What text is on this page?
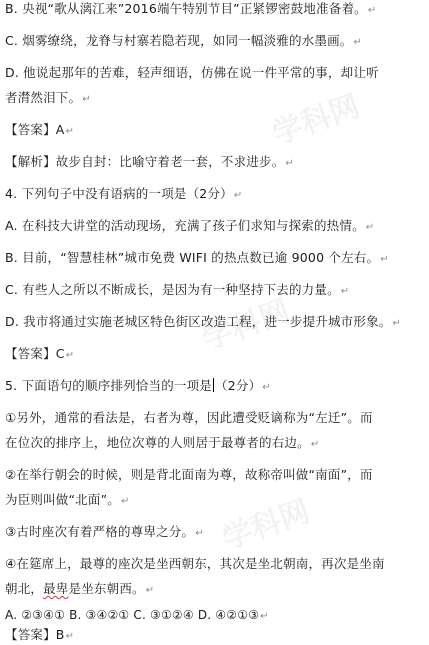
学科网
学科网
学科网
B. 央视“歌从漓江来”2016端午特别节目”正紧锣密鼓地准备着。↵
C. 烟雾缭绕，龙脊与村寨若隐若现，如同一幅淡雅的水墨画。↵
D. 他说起那年的苦难，轻声细语，仿佛在说一件平常的事，却让听
者潸然泪下。↵
【答案】A↵
【解析】故步自封：比喻守着老一套，不求进步。↵
4. 下列句子中没有语病的一项是（2分）↵
A. 在科技大讲堂的活动现场，充满了孩子们求知与探索的热情。↵
B. 目前，“智慧桂林”城市免费 WIFI 的热点数已逾 9000 个左右。↵
C. 有些人之所以不断成长，是因为有一种坚持下去的力量。↵
D. 我市将通过实施老城区特色街区改造工程，进一步提升城市形象。↵
【答案】C↵
5. 下面语句的顺序排列恰当的一项是 （2分）↵
①另外，通常的看法是，右者为尊，因此遭受贬谪称为“左迁”。而
在位次的排序上，地位次尊的人则居于最尊者的右边。↵
②在举行朝会的时候，则是背北面南为尊，故称帝叫做“南面”，而
为臣则叫做“北面”。↵
③古时座次有着严格的尊卑之分。↵
④在筵席上，最尊的座次是坐西朝东，其次是坐北朝南，再次是坐南
朝北，最卑是坐东朝西。↵
A. ②③④① B. ③④②① C. ③①②④ D. ④②①③↵
【答案】B↵
